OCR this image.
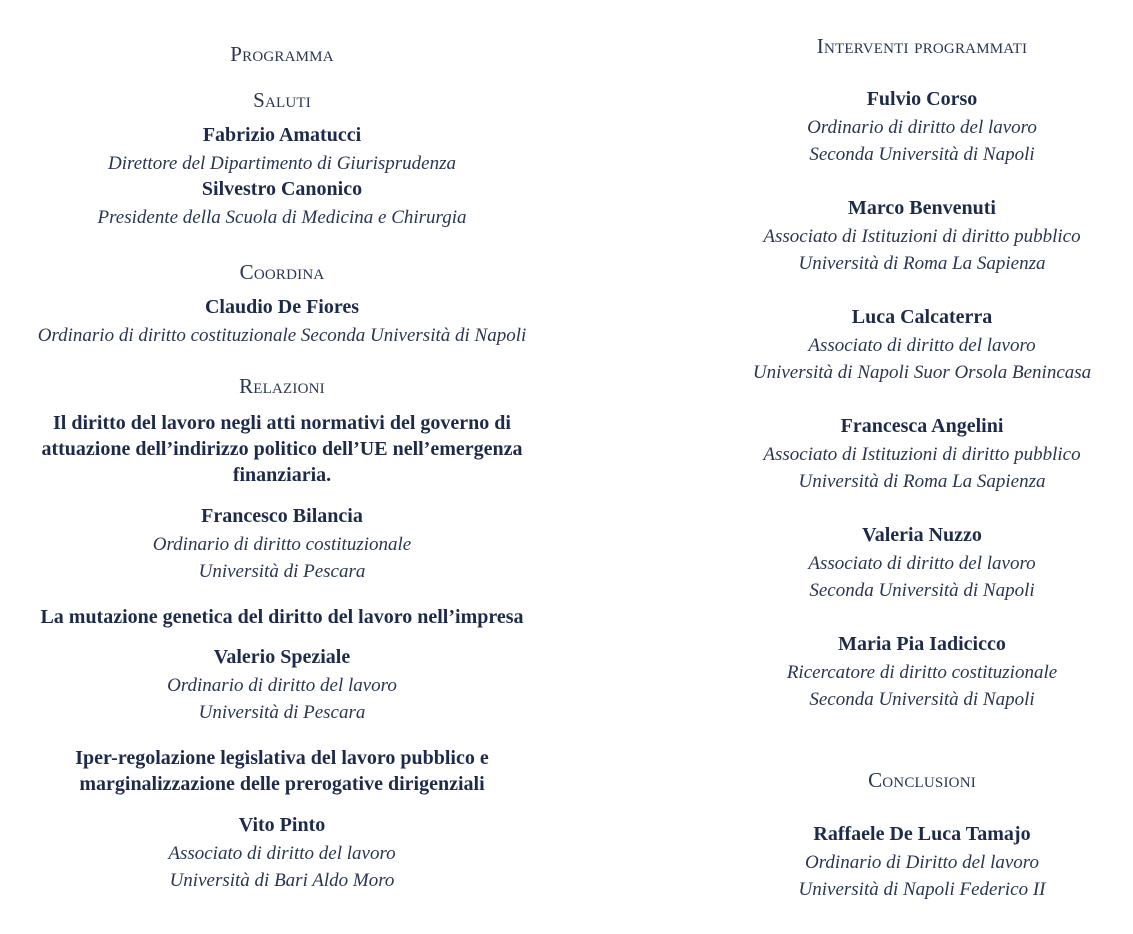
Programma
Saluti
Fabrizio Amatucci
Direttore del Dipartimento di Giurisprudenza
Silvestro Canonico
Presidente della Scuola di Medicina e Chirurgia
Coordina
Claudio De Fiores
Ordinario di diritto costituzionale Seconda Università di Napoli
Relazioni
Il diritto del lavoro negli atti normativi del governo di attuazione dell’indirizzo politico dell’UE nell’emergenza finanziaria.
Francesco Bilancia
Ordinario di diritto costituzionale
Università di Pescara
La mutazione genetica del diritto del lavoro nell’impresa
Valerio Speziale
Ordinario di diritto del lavoro
Università di Pescara
Iper-regolazione legislativa del lavoro pubblico e marginalizzazione delle prerogative dirigenziali
Vito Pinto
Associato di diritto del lavoro
Università di Bari Aldo Moro
Interventi programmati
Fulvio Corso
Ordinario di diritto del lavoro
Seconda Università di Napoli
Marco Benvenuti
Associato di Istituzioni di diritto pubblico
Università di Roma La Sapienza
Luca Calcaterra
Associato di diritto del lavoro
Università di Napoli Suor Orsola Benincasa
Francesca Angelini
Associato di Istituzioni di diritto pubblico
Università di Roma La Sapienza
Valeria Nuzzo
Associato di diritto del lavoro
Seconda Università di Napoli
Maria Pia Iadicicco
Ricercatore di diritto costituzionale
Seconda Università di Napoli
Conclusioni
Raffaele De Luca Tamajo
Ordinario di Diritto del lavoro
Università di Napoli Federico II
